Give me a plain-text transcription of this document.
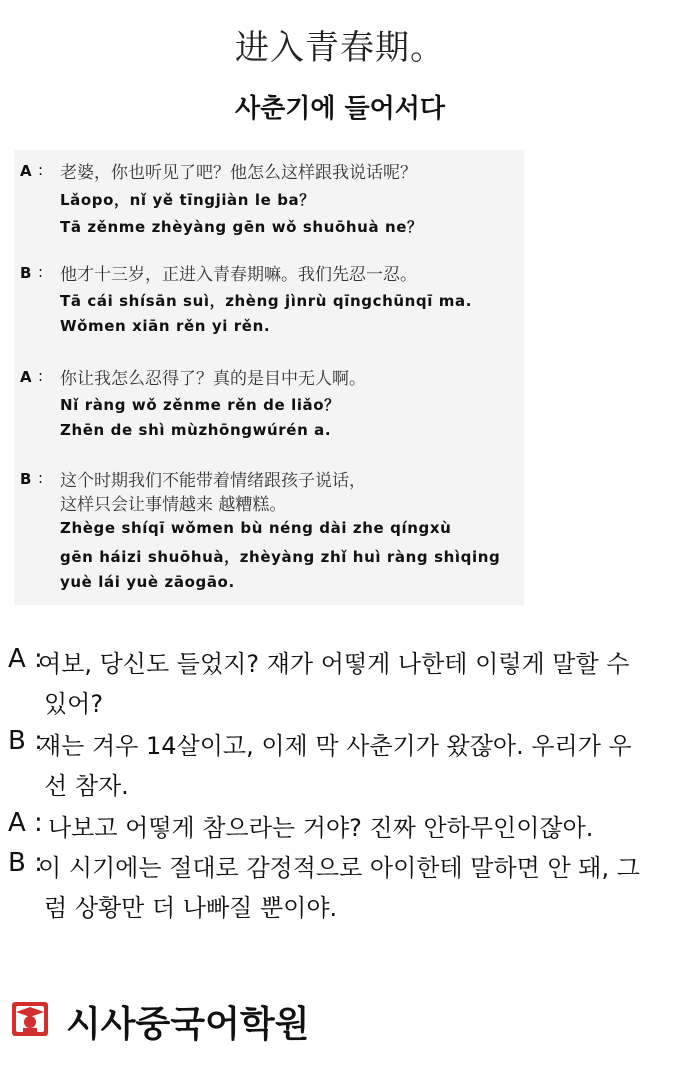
进入青春期。
사춘기에 들어서다
A : 老婆，你也听见了吧？他怎么这样跟我说话呢？
Lǎopo，nǐ yě tīngjiàn le ba？
Tā zěnme zhèyàng gēn wǒ shuōhuà ne？
B : 他才十三岁，正进入青春期嘛。我们先忍一忍。
Tā cái shísān suì，zhèng jìnrù qīngchūnqī ma.
Wǒmen xiān rěn yi rěn.
A : 你让我怎么忍得了？真的是目中无人啊。
Nǐ ràng wǒ zěnme rěn de liǎo？
Zhēn de shì mùzhōngwúrén a.
B : 这个时期我们不能带着情绪跟孩子说话，
这样只会让事情越来 越糟糕。
Zhège shíqī wǒmen bù néng dài zhe qíngxù
gēn háizi shuōhuà，zhèyàng zhǐ huì ràng shìqing
yuè lái yuè zāogāo.
A :
여보, 당신도 들었지? 쟤가 어떻게 나한테 이렇게 말할 수
있어?
B :
쟤는 겨우 14살이고, 이제 막 사춘기가 왔잖아. 우리가 우
선 참자.
A : 나보고 어떻게 참으라는 거야? 진짜 안하무인이잖아.
B :
이 시기에는 절대로 감정적으로 아이한테 말하면 안 돼, 그
럼 상황만 더 나빠질 뿐이야.
시사중국어학원
